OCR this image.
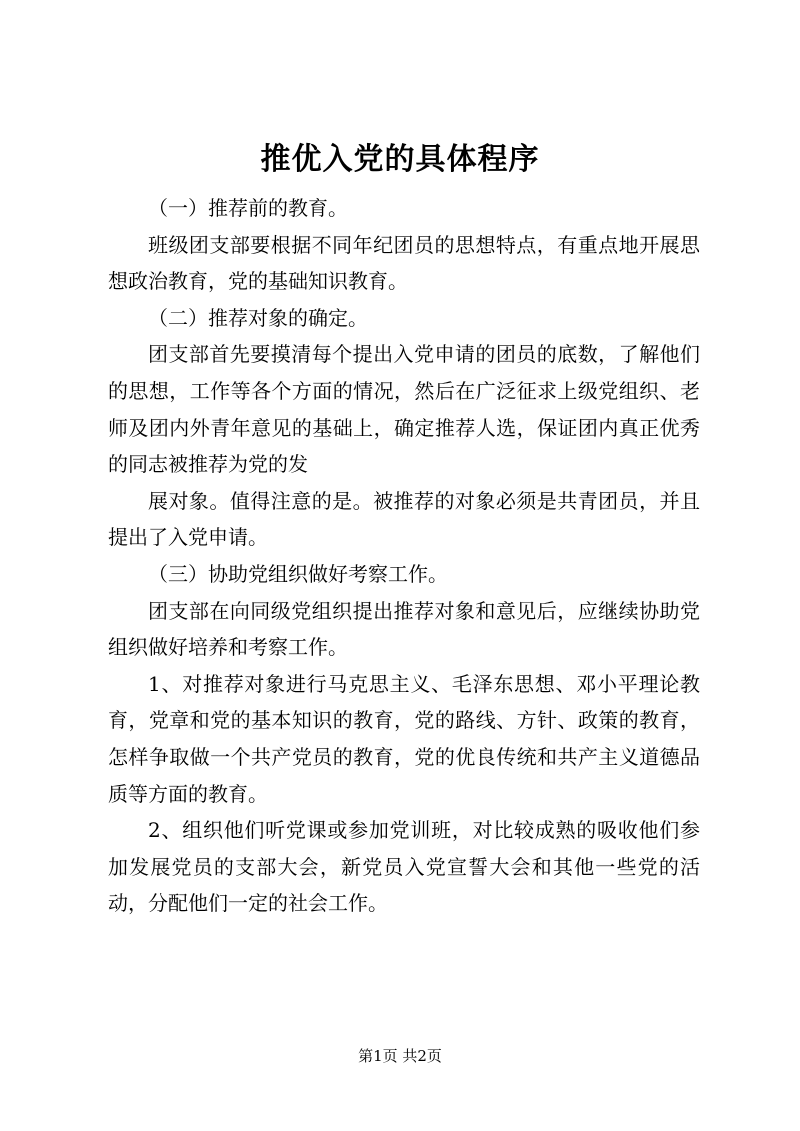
推优入党的具体程序

（一）推荐前的教育。

班级团支部要根据不同年纪团员的思想特点，有重点地开展思想政治教育，党的基础知识教育。

（二）推荐对象的确定。

团支部首先要摸清每个提出入党申请的团员的底数，了解他们的思想，工作等各个方面的情况，然后在广泛征求上级党组织、老师及团内外青年意见的基础上，确定推荐人选，保证团内真正优秀的同志被推荐为党的发

展对象。值得注意的是。被推荐的对象必须是共青团员，并且提出了入党申请。

（三）协助党组织做好考察工作。

团支部在向同级党组织提出推荐对象和意见后，应继续协助党组织做好培养和考察工作。

1、对推荐对象进行马克思主义、毛泽东思想、邓小平理论教育，党章和党的基本知识的教育，党的路线、方针、政策的教育，怎样争取做一个共产党员的教育，党的优良传统和共产主义道德品质等方面的教育。

2、组织他们听党课或参加党训班，对比较成熟的吸收他们参加发展党员的支部大会，新党员入党宣誓大会和其他一些党的活动，分配他们一定的社会工作。

第1页 共2页
